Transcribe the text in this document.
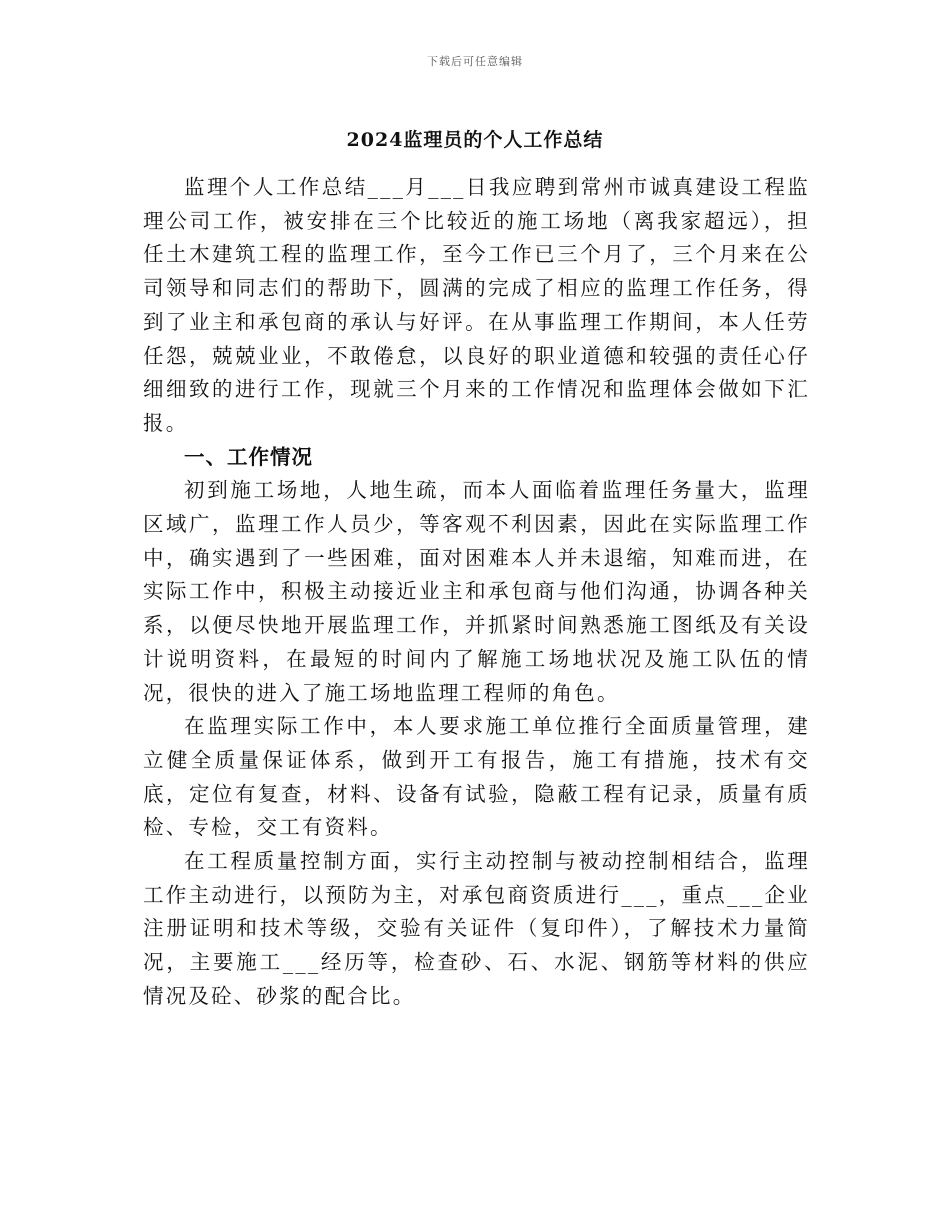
下载后可任意编辑
2024监理员的个人工作总结

监理个人工作总结___月___日我应聘到常州市诚真建设工程监理公司工作，被安排在三个比较近的施工场地（离我家超远），担任土木建筑工程的监理工作，至今工作已三个月了，三个月来在公司领导和同志们的帮助下，圆满的完成了相应的监理工作任务，得到了业主和承包商的承认与好评。在从事监理工作期间，本人任劳任怨，兢兢业业，不敢倦怠，以良好的职业道德和较强的责任心仔细细致的进行工作，现就三个月来的工作情况和监理体会做如下汇报。

一、工作情况

初到施工场地，人地生疏，而本人面临着监理任务量大，监理区域广，监理工作人员少，等客观不利因素，因此在实际监理工作中，确实遇到了一些困难，面对困难本人并未退缩，知难而进，在实际工作中，积极主动接近业主和承包商与他们沟通，协调各种关系，以便尽快地开展监理工作，并抓紧时间熟悉施工图纸及有关设计说明资料，在最短的时间内了解施工场地状况及施工队伍的情况，很快的进入了施工场地监理工程师的角色。

在监理实际工作中，本人要求施工单位推行全面质量管理，建立健全质量保证体系，做到开工有报告，施工有措施，技术有交底，定位有复查，材料、设备有试验，隐蔽工程有记录，质量有质检、专检，交工有资料。

在工程质量控制方面，实行主动控制与被动控制相结合，监理工作主动进行，以预防为主，对承包商资质进行___，重点___企业注册证明和技术等级，交验有关证件（复印件），了解技术力量简况，主要施工___经历等，检查砂、石、水泥、钢筋等材料的供应情况及砼、砂浆的配合比。
